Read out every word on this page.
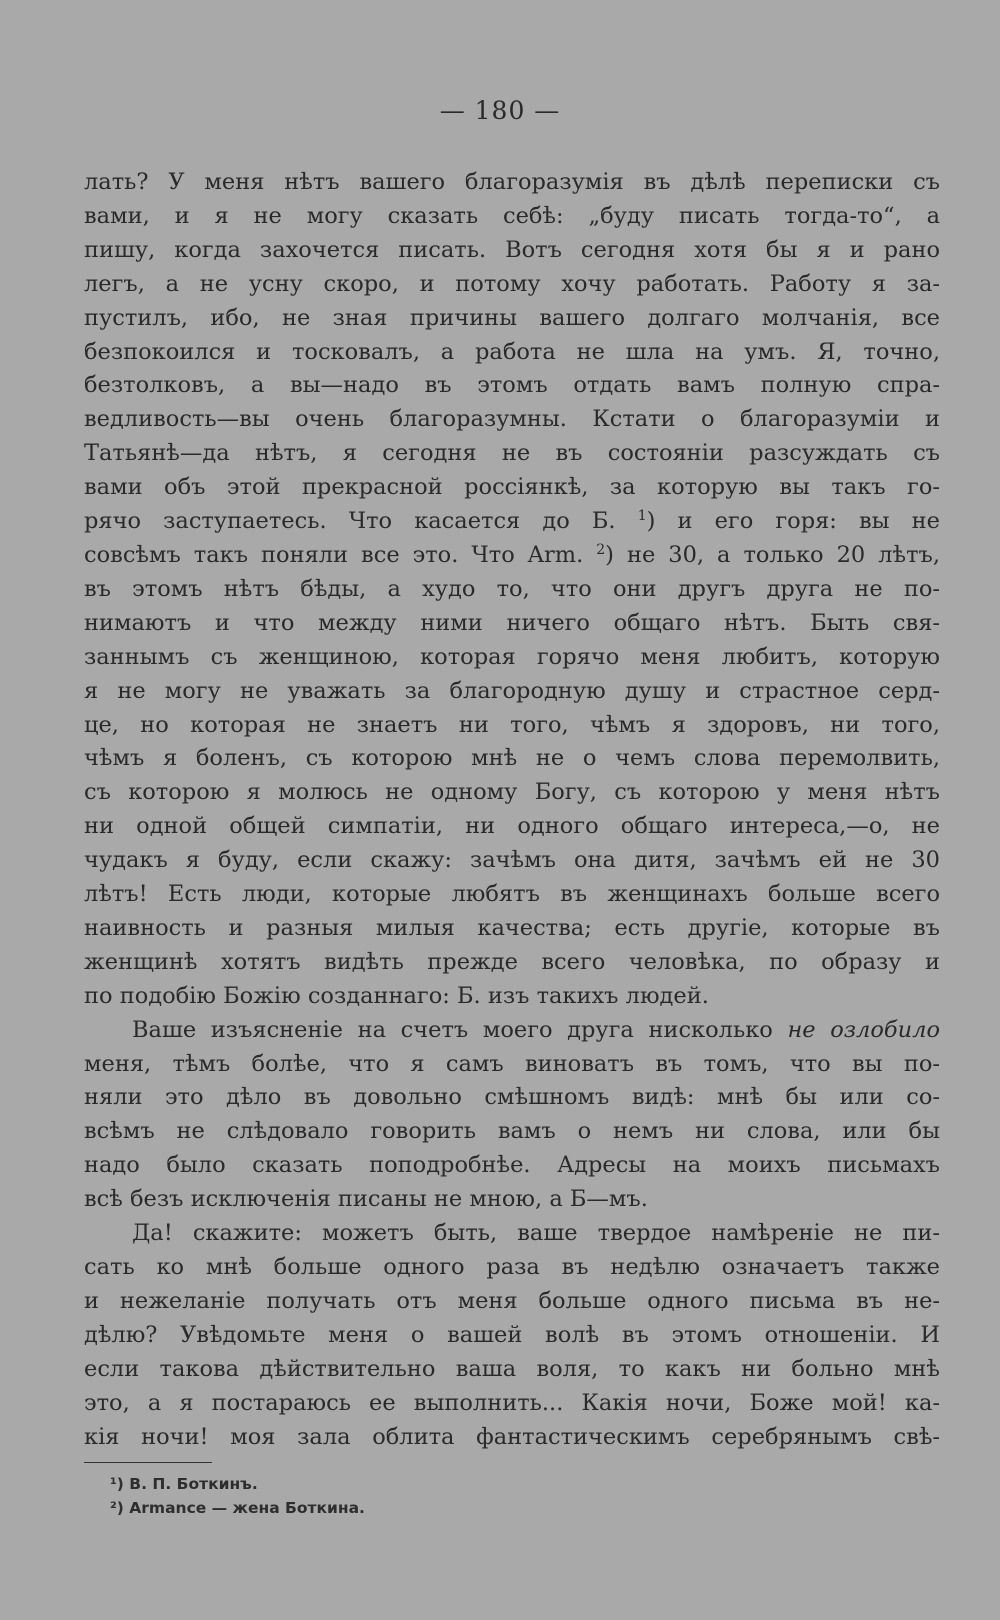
— 180 —
лать? У меня нѣтъ вашего благоразумія въ дѣлѣ переписки съ
вами, и я не могу сказать себѣ: „буду писать тогда-то“, а
пишу, когда захочется писать. Вотъ сегодня хотя бы я и рано
легъ, а не усну скоро, и потому хочу работать. Работу я за-
пустилъ, ибо, не зная причины вашего долгаго молчанія, все
безпокоился и тосковалъ, а работа не шла на умъ. Я, точно,
безтолковъ, а вы—надо въ этомъ отдать вамъ полную спра-
ведливость—вы очень благоразумны. Кстати о благоразуміи и
Татьянѣ—да нѣтъ, я сегодня не въ состояніи разсуждать съ
вами объ этой прекрасной россіянкѣ, за которую вы такъ го-
рячо заступаетесь. Что касается до Б. $^1$) и его горя: вы не
совсѣмъ такъ поняли все это. Что Arm. $^2$) не 30, а только 20 лѣтъ,
въ этомъ нѣтъ бѣды, а худо то, что они другъ друга не по-
нимаютъ и что между ними ничего общаго нѣтъ. Быть свя-
заннымъ съ женщиною, которая горячо меня любитъ, которую
я не могу не уважать за благородную душу и страстное серд-
це, но которая не знаетъ ни того, чѣмъ я здоровъ, ни того,
чѣмъ я боленъ, съ которою мнѣ не о чемъ слова перемолвить,
съ которою я молюсь не одному Богу, съ которою у меня нѣтъ
ни одной общей симпатіи, ни одного общаго интереса,—о, не
чудакъ я буду, если скажу: зачѣмъ она дитя, зачѣмъ ей не 30
лѣтъ! Есть люди, которые любятъ въ женщинахъ больше всего
наивность и разныя милыя качества; есть другіе, которые въ
женщинѣ хотятъ видѣть прежде всего человѣка, по образу и
по подобію Божію созданнаго: Б. изъ такихъ людей.
Ваше изъясненіе на счетъ моего друга нисколько не озлобило
меня, тѣмъ болѣе, что я самъ виноватъ въ томъ, что вы по-
няли это дѣло въ довольно смѣшномъ видѣ: мнѣ бы или со-
всѣмъ не слѣдовало говорить вамъ о немъ ни слова, или бы
надо было сказать поподробнѣе. Адресы на моихъ письмахъ
всѣ безъ исключенія писаны не мною, а Б—мъ.
Да! скажите: можетъ быть, ваше твердое намѣреніе не пи-
сать ко мнѣ больше одного раза въ недѣлю означаетъ также
и нежеланіе получать отъ меня больше одного письма въ не-
дѣлю? Увѣдомьте меня о вашей волѣ въ этомъ отношеніи. И
если такова дѣйствительно ваша воля, то какъ ни больно мнѣ
это, а я постараюсь ее выполнить... Какія ночи, Боже мой! ка-
кія ночи! моя зала облита фантастическимъ серебрянымъ свѣ-
¹) В. П. Боткинъ.
²) Armance — жена Боткина.
